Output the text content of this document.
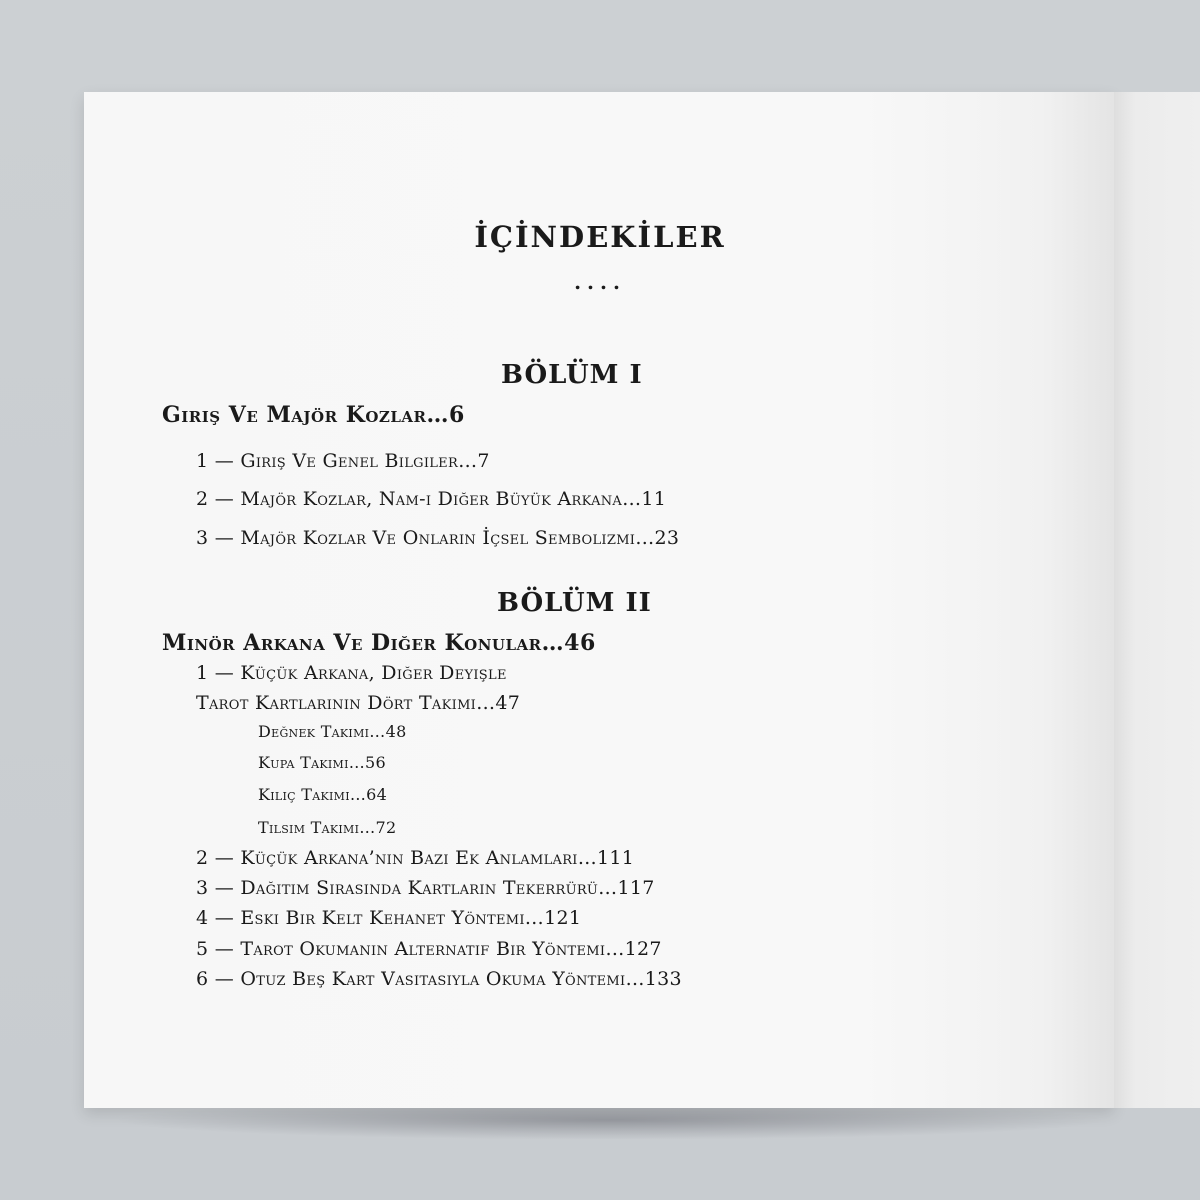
İÇİNDEKİLER
....
BÖLÜM I
Giriş Ve Majör Kozlar…6
1 — Giriş Ve Genel Bilgiler…7
2 — Majör Kozlar, Nam-ı Diğer Büyük Arkana…11
3 — Majör Kozlar Ve Onların İçsel Sembolizmi…23
BÖLÜM II
Minör Arkana Ve Diğer Konular…46
1 — Küçük Arkana, Diğer Deyişle
Tarot Kartlarının Dört Takımı…47
Değnek Takımı…48
Kupa Takımı…56
Kılıç Takımı…64
Tılsım Takımı…72
2 — Küçük Arkana’nın Bazı Ek Anlamları…111
3 — Dağıtım Sırasında Kartların Tekerrürü…117
4 — Eski Bir Kelt Kehanet Yöntemi…121
5 — Tarot Okumanın Alternatif Bir Yöntemi…127
6 — Otuz Beş Kart Vasıtasıyla Okuma Yöntemi…133
